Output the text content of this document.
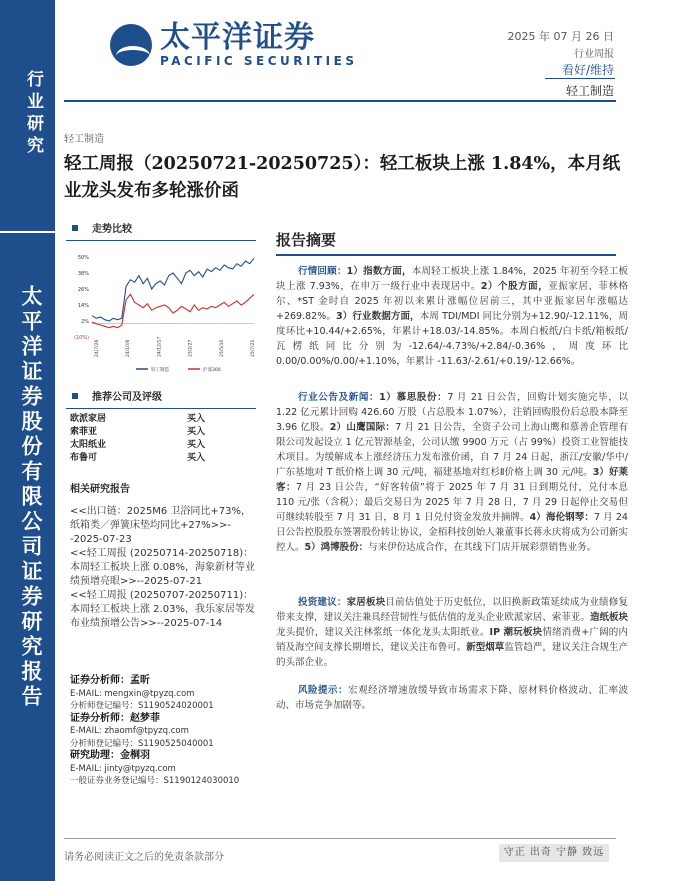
行业研究
太平洋证券股份有限公司证券研究报告
太平洋证券
PACIFIC SECURITIES
2025 年 07 月 26 日
行业周报
看好/维持
轻工制造
轻工制造
轻工周报（20250721-20250725）：轻工板块上涨 1.84%，本月纸业龙头发布多轮涨价函
走势比较
50%
38%
26%
14%
2%
(10%)
24/7/26	24/10/6	24/12/17	25/2/27	25/5/10	25/7/21
轻工制造	沪深300
推荐公司及评级
欧派家居	买入
索菲亚	买入
太阳纸业	买入
布鲁可	买入
相关研究报告

<<出口链：2025M6 卫浴同比+73%，纸箱类／弹簧床垫均同比+27%>>--2025-07-23

<<轻工周报 (20250714-20250718)：本周轻工板块上涨 0.08%，海象新材等业绩预增亮眼>>--2025-07-21

<<轻工周报 (20250707-20250711)：本周轻工板块上涨 2.03%，我乐家居等发布业绩预增公告>>--2025-07-14

证券分析师：孟昕
E-MAIL: mengxin@tpyzq.com
分析师登记编号：S1190524020001
证券分析师：赵梦菲
E-MAIL: zhaomf@tpyzq.com
分析师登记编号：S1190525040001
研究助理：金桐羽
E-MAIL: jinty@tpyzq.com
一般证券业务登记编号：S1190124030010
报告摘要
行情回顾：1）指数方面，本周轻工板块上涨 1.84%，2025 年初至今轻工板块上涨 7.93%，在申万一级行业中表现居中。2）个股方面，亚振家居、菲林格尔、*ST 金时自 2025 年初以来累计涨幅位居前三，其中亚振家居年涨幅达+269.82%。3）行业数据方面，本周 TDI/MDI 同比分别为+12.90/-12.11%，周度环比+10.44/+2.65%，年累计+18.03/-14.85%。本周白板纸/白卡纸/箱板纸/瓦楞纸同比分别为-12.64/-4.73%/+2.84/-0.36%，周度环比 0.00/0.00%/0.00/+1.10%，年累计 -11.63/-2.61/+0.19/-12.66%。
行业公告及新闻：1）慕思股份：7 月 21 日公告，回购计划实施完毕，以 1.22 亿元累计回购 426.60 万股（占总股本 1.07%），注销回购股份后总股本降至 3.96 亿股。2）山鹰国际：7 月 21 日公告，全资子公司上海山鹰和慕善企管理有限公司发起设立 1 亿元智源基金，公司认缴 9900 万元（占 99%）投资工业智能技术项目。为缓解成本上涨经济压力发布涨价函，自 7 月 24 日起，浙江/安徽/华中/广东基地对 T 纸价格上调 30 元/吨，福建基地对红杉Ⅱ价格上调 30 元/吨。3）好莱客：7 月 23 日公告，“好客转债”将于 2025 年 7 月 31 日到期兑付，兑付本息 110 元/张（含税）；最后交易日为 2025 年 7 月 28 日，7 月 29 日起停止交易但可继续转股至 7 月 31 日，8 月 1 日兑付资金发放并摘牌。4）海伦钢琴：7 月 24 日公告控股股东签署股份转让协议，金栢科技创始人兼董事长蒋永庆将成为公司新实控人。5）鸿博股份：与来伊份达成合作，在其线下门店开展彩票销售业务。
投资建议：家居板块目前估值处于历史低位，以旧换新政策延续成为业绩修复带来支撑，建议关注兼具经营韧性与低估值的龙头企业欧派家居、索菲亚。造纸板块龙头提价，建议关注林浆纸一体化龙头太阳纸业。IP 潮玩板块情绪消费+广阔的内销及海空间支撑长期增长，建议关注布鲁可。新型烟草监管趋严，建议关注合规生产的头部企业。
风险提示：宏观经济增速放缓导致市场需求下降、原材料价格波动、汇率波动、市场竞争加剧等。
请务必阅读正文之后的免责条款部分	守正 出奇 宁静 致远
